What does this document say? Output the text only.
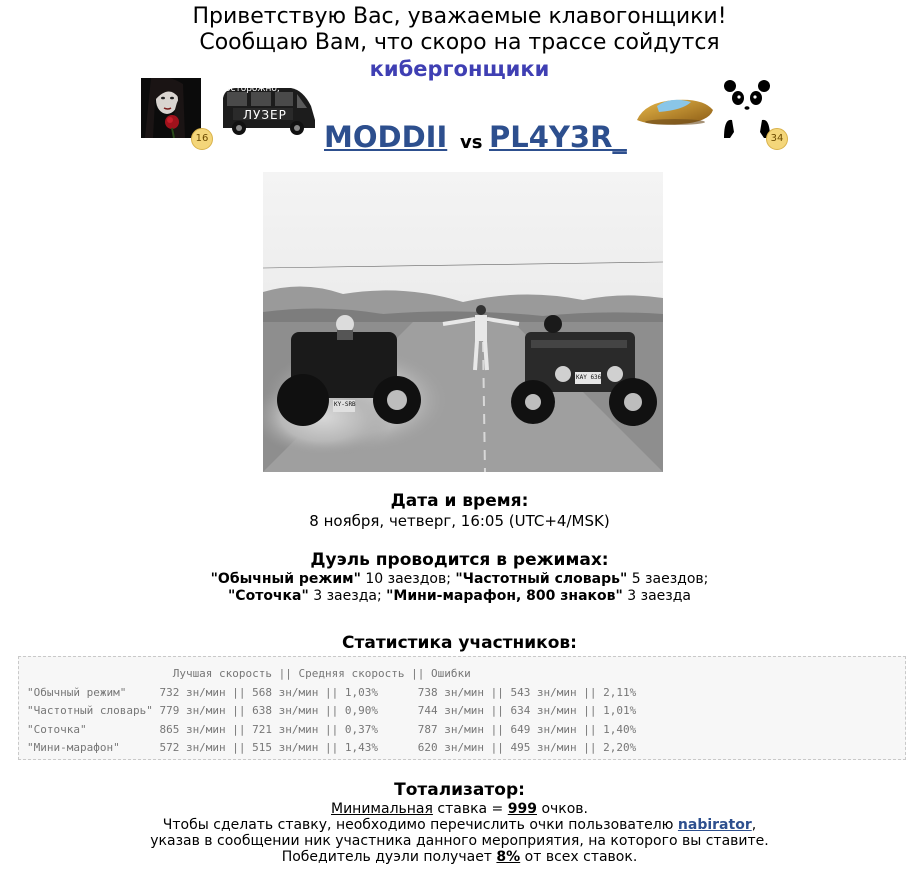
Приветствую Вас, уважаемые клавогонщики!
Сообщаю Вам, что скоро на трассе сойдутся
кибергонщики
16
осторожно,
ЛУЗЕР
MODDII vs PL4Y3R_	34
KY-SRB
KAY 636
Дата и время:
8 ноября, четверг, 16:05 (UTC+4/MSK)
Дуэль проводится в режимах:
"Обычный режим" 10 заездов; "Частотный словарь" 5 заездов;
"Соточка" 3 заезда; "Мини-марафон, 800 знаков" 3 заезда
Статистика участников:
Лучшая скорость || Средняя скорость || Ошибки
"Обычный режим"     732 зн/мин || 568 зн/мин || 1,03%      738 зн/мин || 543 зн/мин || 2,11%
"Частотный словарь" 779 зн/мин || 638 зн/мин || 0,90%      744 зн/мин || 634 зн/мин || 1,01%
"Соточка"           865 зн/мин || 721 зн/мин || 0,37%      787 зн/мин || 649 зн/мин || 1,40%
"Мини-марафон"      572 зн/мин || 515 зн/мин || 1,43%      620 зн/мин || 495 зн/мин || 2,20%
Тотализатор:
Минимальная ставка = 999 очков.
Чтобы сделать ставку, необходимо перечислить очки пользователю nabirator,
указав в сообщении ник участника данного мероприятия, на которого вы ставите.
Победитель дуэли получает 8% от всех ставок.
